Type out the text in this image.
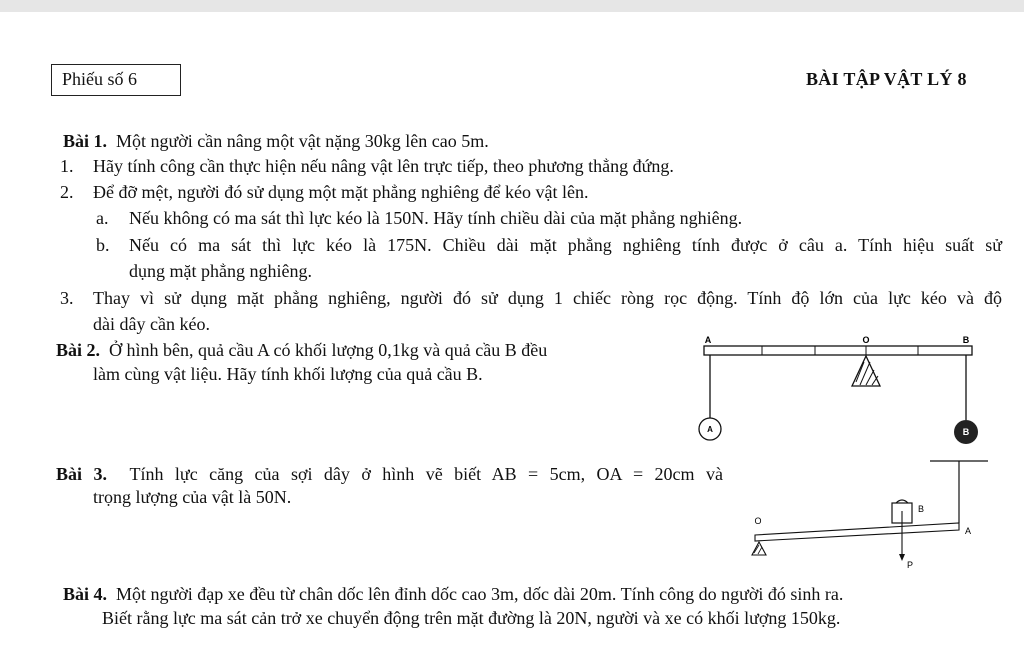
Phiếu số 6	BÀI TẬP VẬT LÝ 8
Bài 1. Một người cần nâng một vật nặng 30kg lên cao 5m.
1. Hãy tính công cần thực hiện nếu nâng vật lên trực tiếp, theo phương thẳng đứng.
2. Để đỡ mệt, người đó sử dụng một mặt phẳng nghiêng để kéo vật lên.
a. Nếu không có ma sát thì lực kéo là 150N. Hãy tính chiều dài của mặt phẳng nghiêng.
b. Nếu có ma sát thì lực kéo là 175N. Chiều dài mặt phẳng nghiêng tính được ở câu a. Tính hiệu suất sử
dụng mặt phẳng nghiêng.
3. Thay vì sử dụng mặt phẳng nghiêng, người đó sử dụng 1 chiếc ròng rọc động. Tính độ lớn của lực kéo và độ
dài dây cần kéo.
Bài 2. Ở hình bên, quả cầu A có khối lượng 0,1kg và quả cầu B đều
làm cùng vật liệu. Hãy tính khối lượng của quả cầu B.
A	O	B
A	B
Bài 3. Tính lực căng của sợi dây ở hình vẽ biết AB = 5cm, OA = 20cm và
trọng lượng của vật là 50N.
O
B
A
P
Bài 4. Một người đạp xe đều từ chân dốc lên đỉnh dốc cao 3m, dốc dài 20m. Tính công do người đó sinh ra.
Biết rằng lực ma sát cản trở xe chuyển động trên mặt đường là 20N, người và xe có khối lượng 150kg.
